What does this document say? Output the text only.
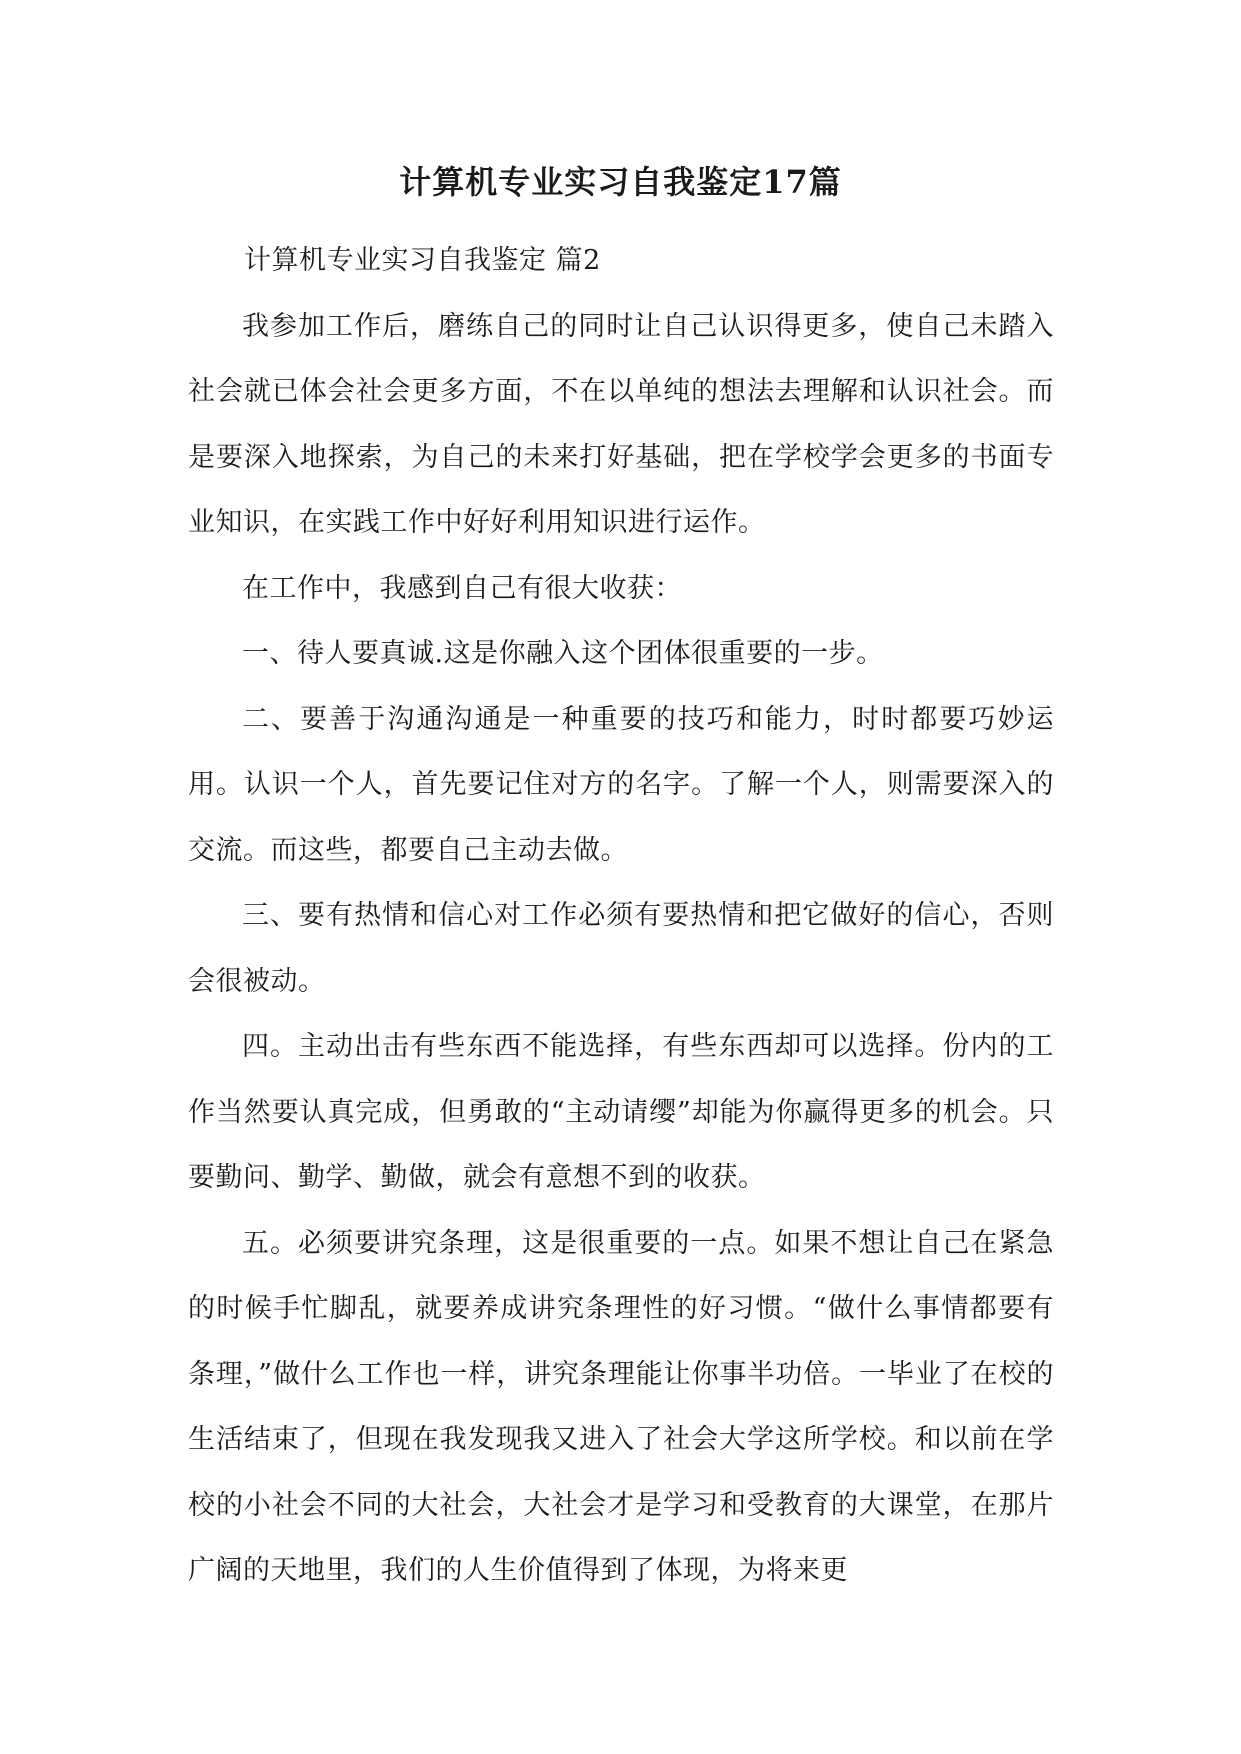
计算机专业实习自我鉴定17篇

计算机专业实习自我鉴定 篇2

我参加工作后，磨练自己的同时让自己认识得更多，使自己未踏入社会就已体会社会更多方面，不在以单纯的想法去理解和认识社会。而是要深入地探索，为自己的未来打好基础，把在学校学会更多的书面专业知识，在实践工作中好好利用知识进行运作。

在工作中，我感到自己有很大收获：

一、待人要真诚.这是你融入这个团体很重要的一步。

二、要善于沟通沟通是一种重要的技巧和能力，时时都要巧妙运用。认识一个人，首先要记住对方的名字。了解一个人，则需要深入的交流。而这些，都要自己主动去做。

三、要有热情和信心对工作必须有要热情和把它做好的信心，否则会很被动。

四。主动出击有些东西不能选择，有些东西却可以选择。份内的工作当然要认真完成，但勇敢的“主动请缨”却能为你赢得更多的机会。只要勤问、勤学、勤做，就会有意想不到的收获。

五。必须要讲究条理，这是很重要的一点。如果不想让自己在紧急的时候手忙脚乱，就要养成讲究条理性的好习惯。“做什么事情都要有条理，”做什么工作也一样，讲究条理能让你事半功倍。一毕业了在校的生活结束了，但现在我发现我又进入了社会大学这所学校。和以前在学校的小社会不同的大社会，大社会才是学习和受教育的大课堂，在那片广阔的天地里，我们的人生价值得到了体现，为将来更
